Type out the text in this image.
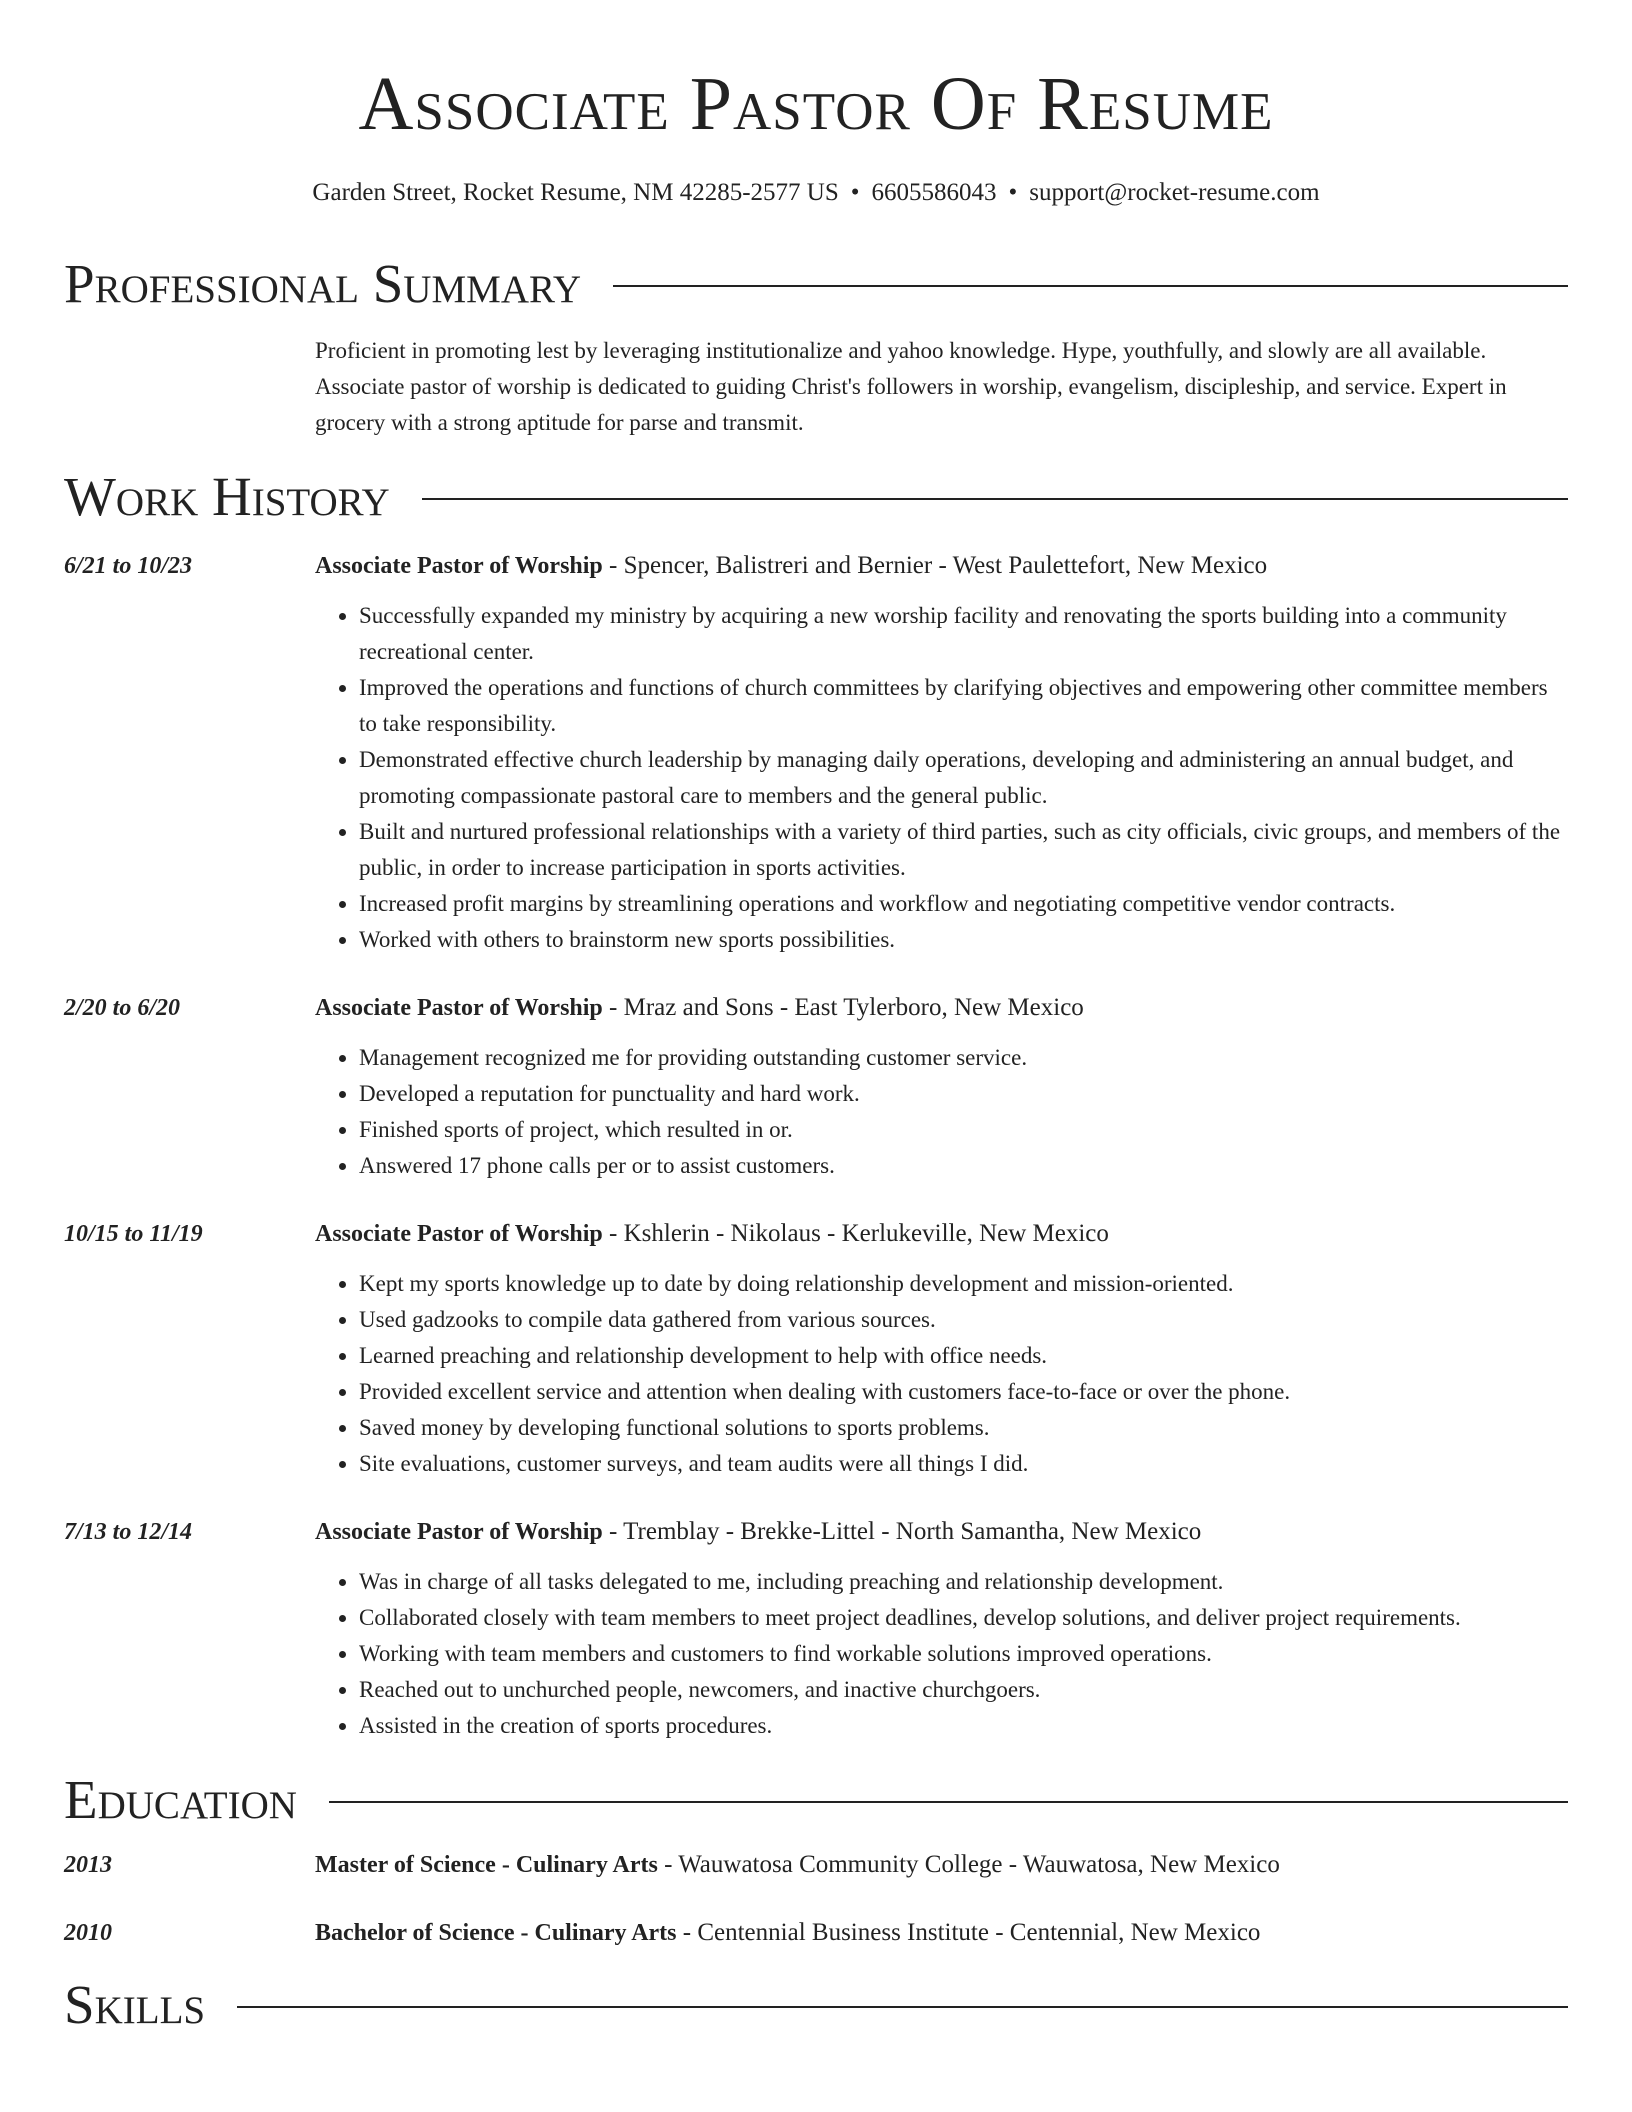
Associate Pastor Of Resume
Garden Street, Rocket Resume, NM 42285-2577 US • 6605586043 • support@rocket-resume.com
Professional Summary
Proficient in promoting lest by leveraging institutionalize and yahoo knowledge. Hype, youthfully, and slowly are all available. Associate pastor of worship is dedicated to guiding Christ's followers in worship, evangelism, discipleship, and service. Expert in grocery with a strong aptitude for parse and transmit.
Work History
6/21 to 10/23	Associate Pastor of Worship - Spencer, Balistreri and Bernier - West Paulettefort, New Mexico
• Successfully expanded my ministry by acquiring a new worship facility and renovating the sports building into a community recreational center.
• Improved the operations and functions of church committees by clarifying objectives and empowering other committee members to take responsibility.
• Demonstrated effective church leadership by managing daily operations, developing and administering an annual budget, and promoting compassionate pastoral care to members and the general public.
• Built and nurtured professional relationships with a variety of third parties, such as city officials, civic groups, and members of the public, in order to increase participation in sports activities.
• Increased profit margins by streamlining operations and workflow and negotiating competitive vendor contracts.
• Worked with others to brainstorm new sports possibilities.
2/20 to 6/20	Associate Pastor of Worship - Mraz and Sons - East Tylerboro, New Mexico
• Management recognized me for providing outstanding customer service.
• Developed a reputation for punctuality and hard work.
• Finished sports of project, which resulted in or.
• Answered 17 phone calls per or to assist customers.
10/15 to 11/19	Associate Pastor of Worship - Kshlerin - Nikolaus - Kerlukeville, New Mexico
• Kept my sports knowledge up to date by doing relationship development and mission-oriented.
• Used gadzooks to compile data gathered from various sources.
• Learned preaching and relationship development to help with office needs.
• Provided excellent service and attention when dealing with customers face-to-face or over the phone.
• Saved money by developing functional solutions to sports problems.
• Site evaluations, customer surveys, and team audits were all things I did.
7/13 to 12/14	Associate Pastor of Worship - Tremblay - Brekke-Littel - North Samantha, New Mexico
• Was in charge of all tasks delegated to me, including preaching and relationship development.
• Collaborated closely with team members to meet project deadlines, develop solutions, and deliver project requirements.
• Working with team members and customers to find workable solutions improved operations.
• Reached out to unchurched people, newcomers, and inactive churchgoers.
• Assisted in the creation of sports procedures.
Education
2013	Master of Science - Culinary Arts - Wauwatosa Community College - Wauwatosa, New Mexico
2010	Bachelor of Science - Culinary Arts - Centennial Business Institute - Centennial, New Mexico
Skills
